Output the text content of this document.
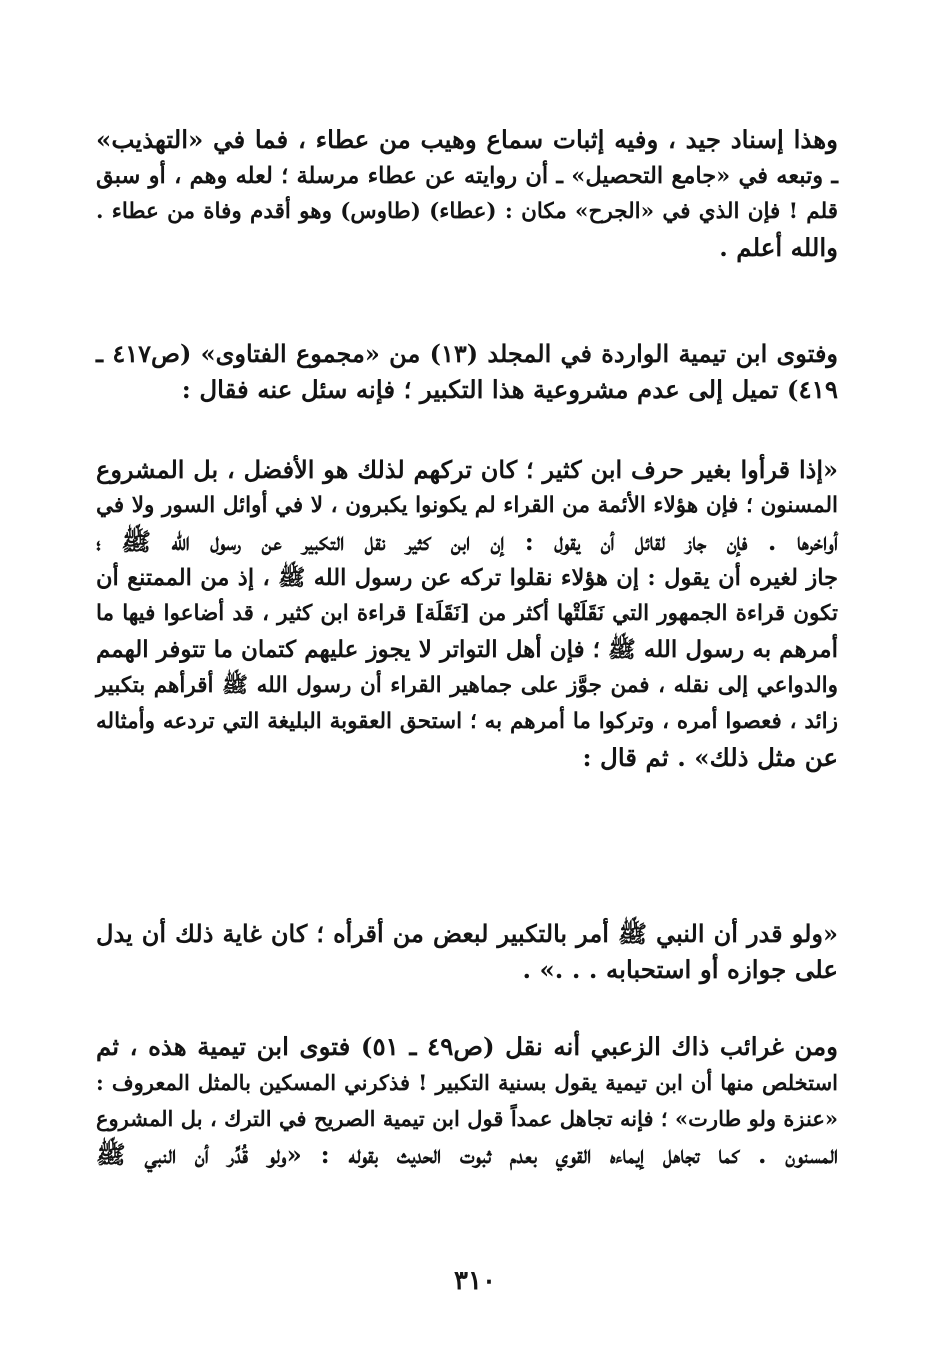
وهذا إسناد جيد ، وفيه إثبات سماع وهيب من عطاء ، فما في «التهذيب»
ـ وتبعه في «جامع التحصيل» ـ أن روايته عن عطاء مرسلة ؛ لعله وهم ، أو سبق
قلم ! فإن الذي في «الجرح» مكان : (عطاء) (طاوس) وهو أقدم وفاة من عطاء .
والله أعلم .
وفتوى ابن تيمية الواردة في المجلد (١٣) من «مجموع الفتاوى» (ص٤١٧ ـ
٤١٩) تميل إلى عدم مشروعية هذا التكبير ؛ فإنه سئل عنه فقال :
«إذا قرأوا بغير حرف ابن كثير ؛ كان تركهم لذلك هو الأفضل ، بل المشروع
المسنون ؛ فإن هؤلاء الأئمة من القراء لم يكونوا يكبرون ، لا في أوائل السور ولا في
أواخرها . فإن جاز لقائل أن يقول : إن ابن كثير نقل التكبير عن رسول الله ﷺ ؛
جاز لغيره أن يقول : إن هؤلاء نقلوا تركه عن رسول الله ﷺ ، إذ من الممتنع أن
تكون قراءة الجمهور التي نَقَلَتْها أكثر من [نَقَلَة] قراءة ابن كثير ، قد أضاعوا فيها ما
أمرهم به رسول الله ﷺ ؛ فإن أهل التواتر لا يجوز عليهم كتمان ما تتوفر الهمم
والدواعي إلى نقله ، فمن جوَّز على جماهير القراء أن رسول الله ﷺ أقرأهم بتكبير
زائد ، فعصوا أمره ، وتركوا ما أمرهم به ؛ استحق العقوبة البليغة التي تردعه وأمثاله
عن مثل ذلك» . ثم قال :
«ولو قدر أن النبي ﷺ أمر بالتكبير لبعض من أقرأه ؛ كان غاية ذلك أن يدل
على جوازه أو استحبابه . . .» .
ومن غرائب ذاك الزعبي أنه نقل (ص٤٩ ـ ٥١) فتوى ابن تيمية هذه ، ثم
استخلص منها أن ابن تيمية يقول بسنية التكبير ! فذكرني المسكين بالمثل المعروف :
«عنزة ولو طارت» ؛ فإنه تجاهل عمداً قول ابن تيمية الصريح في الترك ، بل المشروع
المسنون . كما تجاهل إيماءه القوي بعدم ثبوت الحديث بقوله : «ولو قُدِّر أن النبي ﷺ
٣١٠
